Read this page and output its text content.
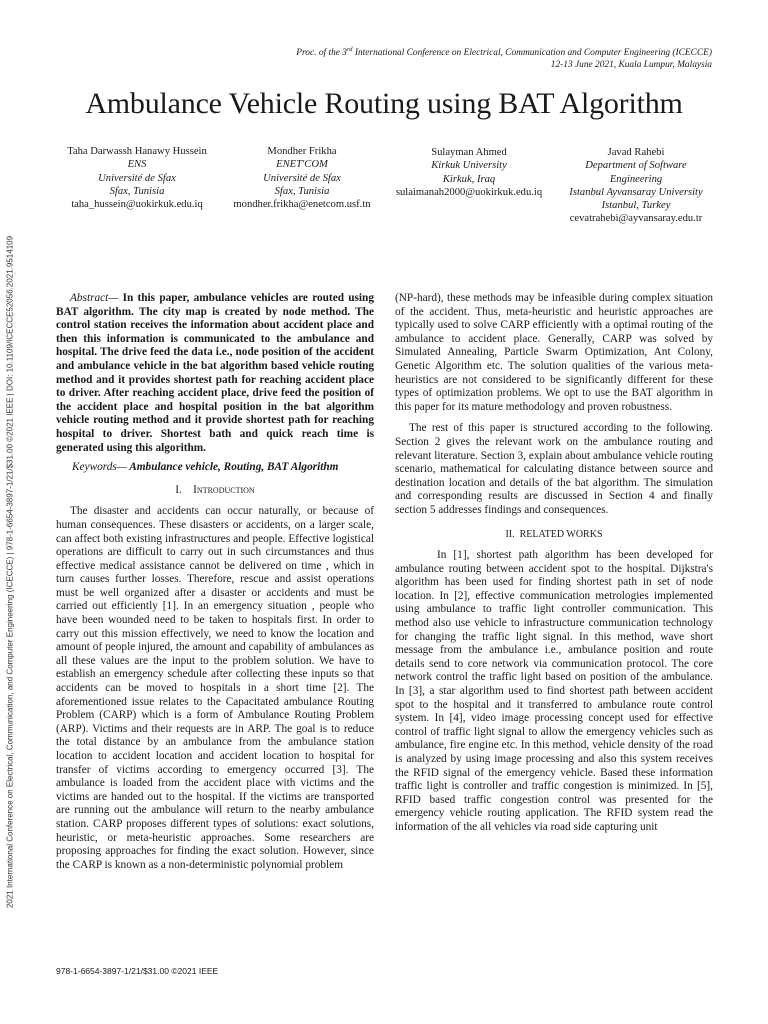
Proc. of the 3rd International Conference on Electrical, Communication and Computer Engineering (ICECCE)
12-13 June 2021, Kuala Lumpur, Malaysia
Ambulance Vehicle Routing using BAT Algorithm
Taha Darwassh Hanawy Hussein
ENS
Université de Sfax
Sfax, Tunisia
taha_hussein@uokirkuk.edu.iq
Mondher Frikha
ENET'COM
Université de Sfax
Sfax, Tunisia
mondher.frikha@enetcom.usf.tn
Sulayman Ahmed
Kirkuk University
Kirkuk, Iraq
sulaimanah2000@uokirkuk.edu.iq
Javad Rahebi
Department of Software
Engineering
Istanbul Ayvansaray University
Istanbul, Turkey
cevatrahebi@ayvansaray.edu.tr
2021 International Conference on Electrical, Communication, and Computer Engineering (ICECCE) | 978-1-6654-3897-1/21/$31.00 ©2021 IEEE | DOI: 10.1109/ICECCE52056.2021.9514109	Abstract— In this paper, ambulance vehicles are routed using BAT algorithm. The city map is created by node method. The control station receives the information about accident place and then this information is communicated to the ambulance and hospital. The drive feed the data i.e., node position of the accident and ambulance vehicle in the bat algorithm based vehicle routing method and it provides shortest path for reaching accident place to driver. After reaching accident place, drive feed the position of the accident place and hospital position in the bat algorithm vehicle routing method and it provide shortest path for reaching hospital to driver. Shortest bath and quick reach time is generated using this algorithm.

Keywords— Ambulance vehicle, Routing, BAT Algorithm

I. Introduction

The disaster and accidents can occur naturally, or because of human consequences. These disasters or accidents, on a larger scale, can affect both existing infrastructures and people. Effective logistical operations are difficult to carry out in such circumstances and thus effective medical assistance cannot be delivered on time , which in turn causes further losses. Therefore, rescue and assist operations must be well organized after a disaster or accidents and must be carried out efficiently [1]. In an emergency situation , people who have been wounded need to be taken to hospitals first. In order to carry out this mission effectively, we need to know the location and amount of people injured, the amount and capability of ambulances as all these values are the input to the problem solution. We have to establish an emergency schedule after collecting these inputs so that accidents can be moved to hospitals in a short time [2]. The aforementioned issue relates to the Capacitated ambulance Routing Problem (CARP) which is a form of Ambulance Routing Problem (ARP). Victims and their requests are in ARP. The goal is to reduce the total distance by an ambulance from the ambulance station location to accident location and accident location to hospital for transfer of victims according to emergency occurred [3]. The ambulance is loaded from the accident place with victims and the victims are handed out to the hospital. If the victims are transported are running out the ambulance will return to the nearby ambulance station. CARP proposes different types of solutions: exact solutions, heuristic, or meta-heuristic approaches. Some researchers are proposing approaches for finding the exact solution. However, since the CARP is known as a non-deterministic polynomial problem

(NP-hard), these methods may be infeasible during complex situation of the accident. Thus, meta-heuristic and heuristic approaches are typically used to solve CARP efficiently with a optimal routing of the ambulance to accident place. Generally, CARP was solved by Simulated Annealing, Particle Swarm Optimization, Ant Colony, Genetic Algorithm etc. The solution qualities of the various meta-heuristics are not considered to be significantly different for these types of optimization problems. We opt to use the BAT algorithm in this paper for its mature methodology and proven robustness.

The rest of this paper is structured according to the following. Section 2 gives the relevant work on the ambulance routing and relevant literature. Section 3, explain about ambulance vehicle routing scenario, mathematical for calculating distance between source and destination location and details of the bat algorithm. The simulation and corresponding results are discussed in Section 4 and finally section 5 addresses findings and consequences.

II. RELATED WORKS

In [1], shortest path algorithm has been developed for ambulance routing between accident spot to the hospital. Dijkstra's algorithm has been used for finding shortest path in set of node location. In [2], effective communication metrologies implemented using ambulance to traffic light controller communication. This method also use vehicle to infrastructure communication technology for changing the traffic light signal. In this method, wave short message from the ambulance i.e., ambulance position and route details send to core network via communication protocol. The core network control the traffic light based on position of the ambulance. In [3], a star algorithm used to find shortest path between accident spot to the hospital and it transferred to ambulance route control system. In [4], video image processing concept used for effective control of traffic light signal to allow the emergency vehicles such as ambulance, fire engine etc. In this method, vehicle density of the road is analyzed by using image processing and also this system receives the RFID signal of the emergency vehicle. Based these information traffic light is controller and traffic congestion is minimized. In [5], RFID based traffic congestion control was presented for the emergency vehicle routing application. The RFID system read the information of the all vehicles via road side capturing unit

978-1-6654-3897-1/21/$31.00 ©2021 IEEE
